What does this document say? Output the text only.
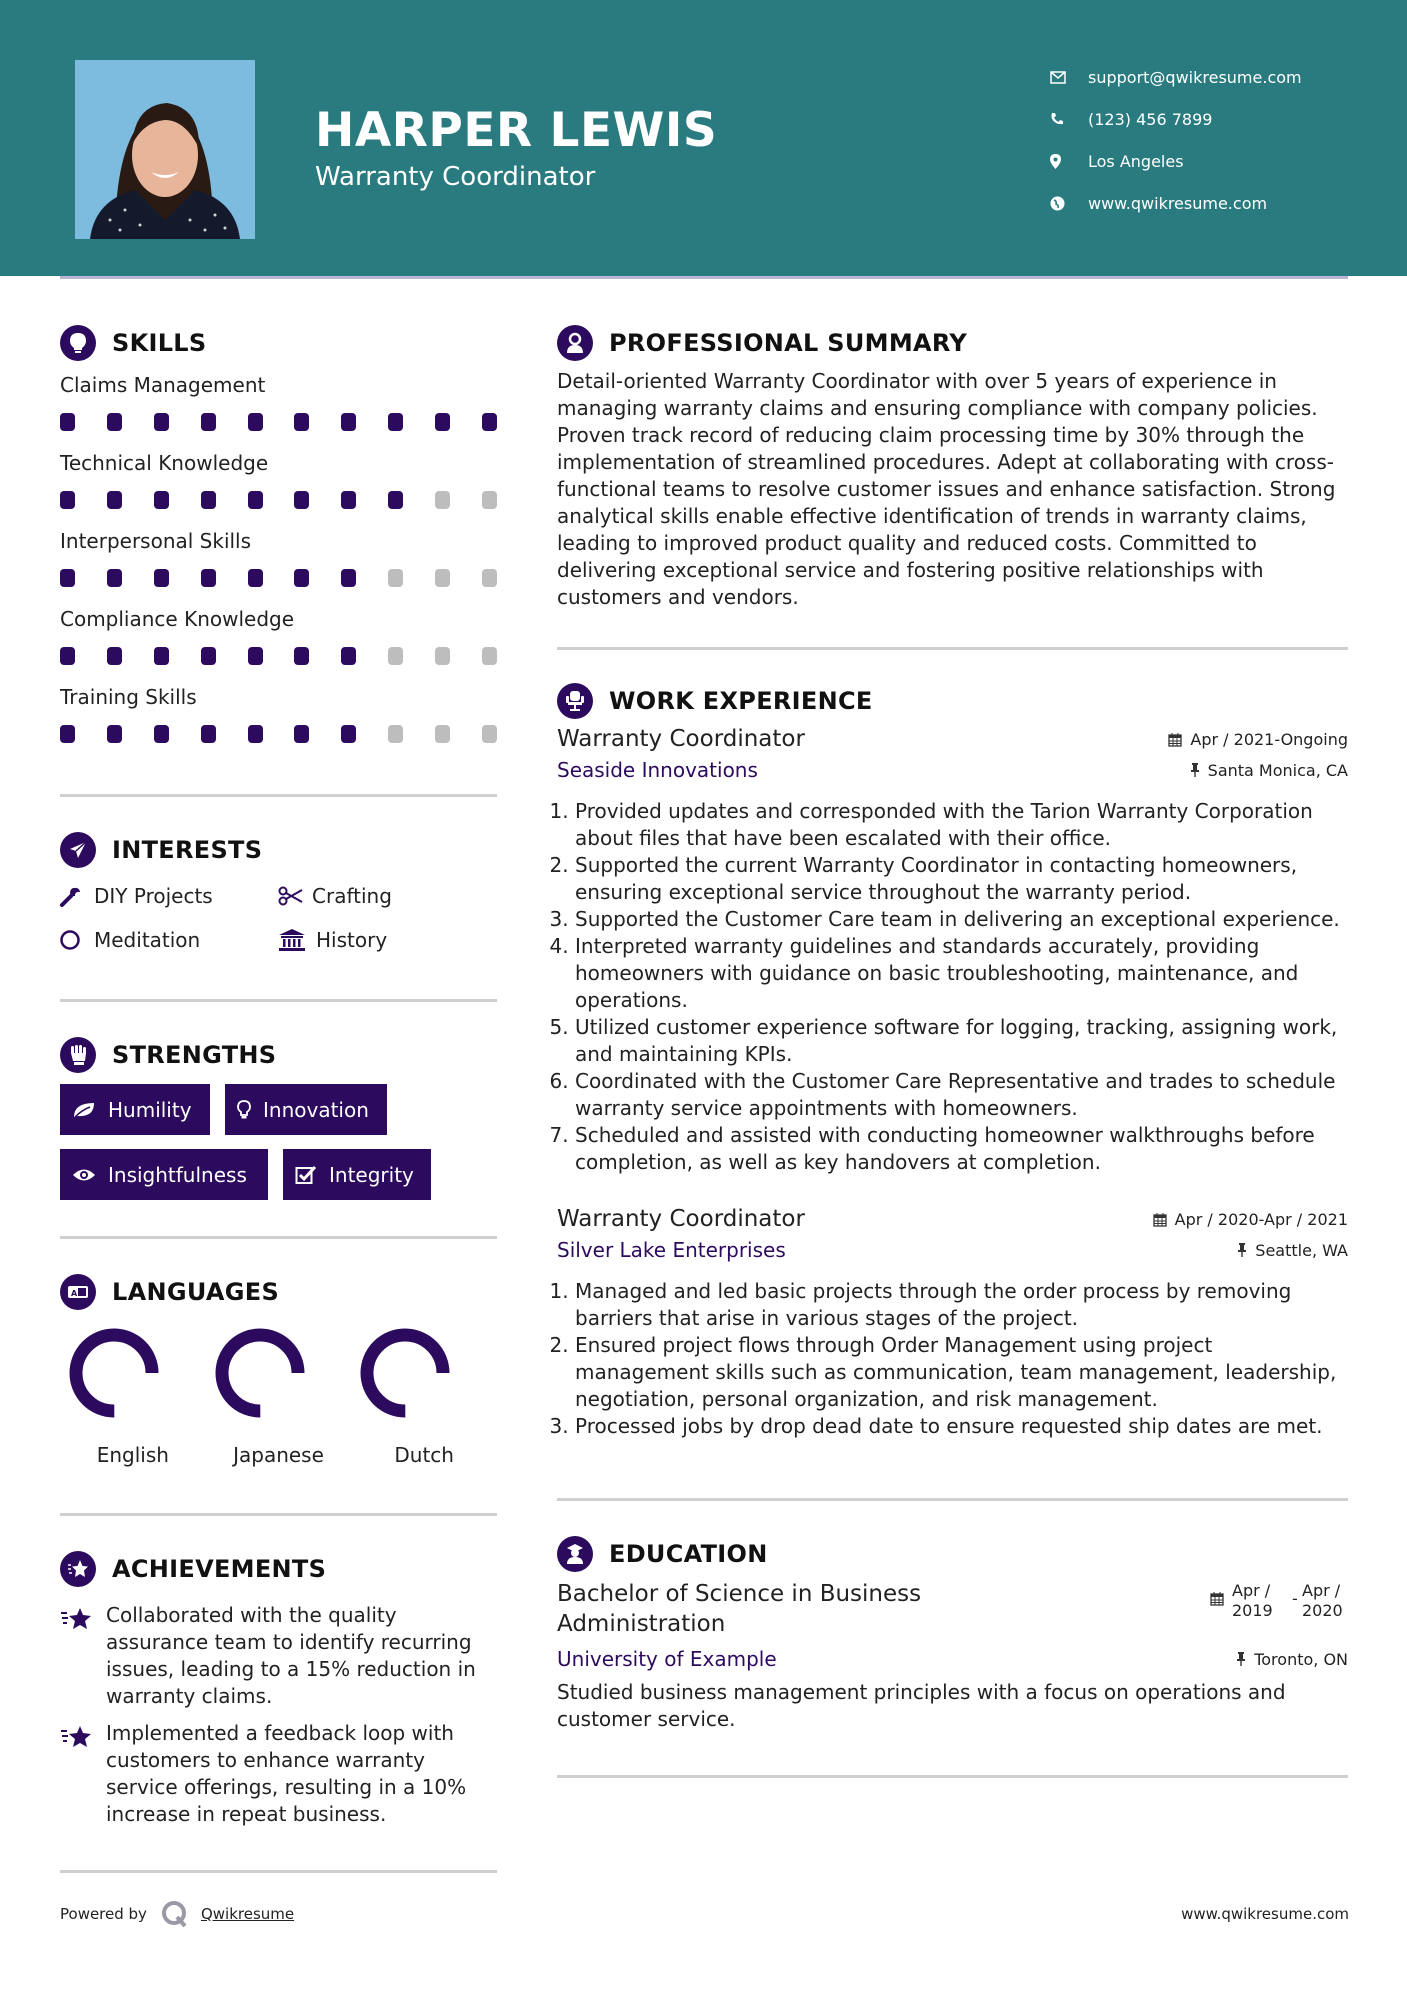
HARPER LEWIS
Warranty Coordinator
support@qwikresume.com
(123) 456 7899
Los Angeles
www.qwikresume.com
SKILLS
Claims Management
Technical Knowledge
Interpersonal Skills
Compliance Knowledge
Training Skills
INTERESTS
DIY Projects	Crafting
Meditation	History
STRENGTHS
Humility	Innovation
Insightfulness	Integrity
A LANGUAGES
English	Japanese	Dutch
ACHIEVEMENTS
Collaborated with the quality assurance team to identify recurring issues, leading to a 15% reduction in warranty claims.
Implemented a feedback loop with customers to enhance warranty service offerings, resulting in a 10% increase in repeat business.
PROFESSIONAL SUMMARY

Detail-oriented Warranty Coordinator with over 5 years of experience in managing warranty claims and ensuring compliance with company policies. Proven track record of reducing claim processing time by 30% through the implementation of streamlined procedures. Adept at collaborating with cross-functional teams to resolve customer issues and enhance satisfaction. Strong analytical skills enable effective identification of trends in warranty claims, leading to improved product quality and reduced costs. Committed to delivering exceptional service and fostering positive relationships with customers and vendors.

WORK EXPERIENCE
Warranty Coordinator	Apr / 2021-Ongoing
Seaside Innovations	Santa Monica, CA
1. Provided updates and corresponded with the Tarion Warranty Corporation about files that have been escalated with their office.
2. Supported the current Warranty Coordinator in contacting homeowners, ensuring exceptional service throughout the warranty period.
3. Supported the Customer Care team in delivering an exceptional experience.
4. Interpreted warranty guidelines and standards accurately, providing homeowners with guidance on basic troubleshooting, maintenance, and operations.
5. Utilized customer experience software for logging, tracking, assigning work, and maintaining KPIs.
6. Coordinated with the Customer Care Representative and trades to schedule warranty service appointments with homeowners.
7. Scheduled and assisted with conducting homeowner walkthroughs before completion, as well as key handovers at completion.
Warranty Coordinator	Apr / 2020-Apr / 2021
Silver Lake Enterprises	Seattle, WA
1. Managed and led basic projects through the order process by removing barriers that arise in various stages of the project.
2. Ensured project flows through Order Management using project management skills such as communication, team management, leadership, negotiation, personal organization, and risk management.
3. Processed jobs by drop dead date to ensure requested ship dates are met.
EDUCATION
Bachelor of Science in Business Administration
Apr / 2019
- Apr / 2020
University of Example	Toronto, ON

Studied business management principles with a focus on operations and customer service.

Powered by	Qwikresume	www.qwikresume.com
